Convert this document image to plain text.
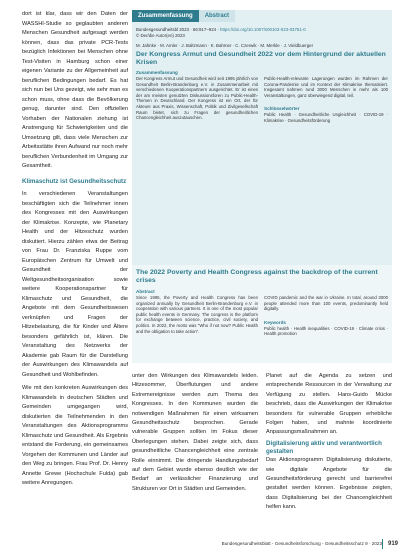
dort ist klar, dass wir den Daten der WASSHI-Studie so geglaubten anderen Menschen Gesundheit aufgesagt werden können, dass das private PCR-Tests bezüglich Infektionen bei Menschen ohne Test-Visiten in Hamburg schon einer eigenen Variante zu der Allgemeinheit auf beruflichen Bedingungen bedarf. Es hat sich nun bei Uns gezeigt, wie sehr man es schon muss, ohne dass die Bevölkerung genug, darunter sind. Den offiziellen Vorhaben der Nationalen ziehung ist Anstrengung für Schwierigkeiten und die Umsetzung gilt, dass viele Menschen zur Arbeitsstätte ihren Aufwand nur noch mehr beruflichen Verbundenheit im Umgang zur Gesamtheit.

Klimaschutz ist Gesundheitsschutz

In verschiedenen Veranstaltungen beschäftigten sich die Teilnehmer innen des Kongresses mit den Auswirkungen der Klimakrise. Konzepte, wie Planetary Health und der Hitzeschutz wurden diskutiert. Hierzu zählen etwa der Beitrag von Frau Dr. Franziska Ruppe vom Europäischen Zentrum für Umwelt und Gesundheit der Weltgesundheitsorganisation sowie weitere Kooperationspartner für Klimaschutz und Gesundheit, die Angebote mit dem Gesundheitswesen verknüpfen und Fragen der Hitzebelastung, die für Kinder und Ältere besonders gefährlich ist, klären. Die Veranstaltung des Netzwerks der Akademie gab Raum für die Darstellung der Auswirkungen des Klimawandels auf Gesundheit und Wohlbefinden.

Wie mit den konkreten Auswirkungen des Klimawandels in deutschen Städten und Gemeinden umgegangen wird, diskutierten die Teilnehmenden in den Veranstaltungen des Aktionsprogramms Klimaschutz und Gesundheit. Als Ergebnis entstand die Forderung, ein gemeinsames Vorgehen der Kommunen und Länder auf den Weg zu bringen. Frau Prof. Dr. Henny Annette Grewe (Hochschule Fulda) gab weitere Anregungen.

Zusammenfassung	Abstract
Bundesgesundheitsbl 2023 · 66:917–924 · https://doi.org/10.1007/s00103-023-03751-0
© Der/die Autor(en) 2023
M. Jahnke · M. Amler · J. Baltzmann · K. Bahmer · C. Czerwik · M. Merkle · J. Vieldbuerger
Der Kongress Armut und Gesundheit 2022 vor dem Hintergrund der aktuellen Krisen
Zusammenfassung

Der Kongress Armut und Gesundheit wird seit 1995 jährlich von Gesundheit Berlin-Brandenburg e.V. in Zusammenarbeit mit verschiedenen Kooperationspartnern ausgerichtet. Er ist eines der am meisten genutzten Diskussionsforen zu Public-Health-Themen in Deutschland. Der Kongress ist ein Ort, der für Akteure aus Praxis, Wissenschaft, Politik und Zivilgesellschaft Raum bietet, sich zu Fragen der gesundheitlichen Chancengleichheit auszutauschen.

Public-Health-relevante Lagerungen wurden im Rahmen der Corona-Pandemie und im Kontext der Klimakrise thematisiert. Insgesamt nahmen rund 3000 Menschen in mehr als 100 Veranstaltungen, ganz überwiegend digital, teil.

Schlüsselwörter

Public Health · Gesundheitliche Ungleichheit · COVID-19 · Klimakrise · Gesundheitsförderung

The 2022 Poverty and Health Congress against the backdrop of the current crises
Abstract

Since 1995, the Poverty and Health Congress has been organized annually by Gesundheit Berlin-Brandenburg e.V. in cooperation with various partners. It is one of the most popular public health events in Germany. The congress is the platform for exchange between science, practice, civil society, and politics. In 2022, the motto was "Who if not now? Public Health and the obligation to take action".

COVID pandemic and the war in Ukraine. In total, around 3000 people attended more than 100 events, predominantly held digitally.

Keywords

Public health · Health inequalities · COVID-19 · Climate crisis · Health promotion

unter den Wirkungen des Klimawandels leiden. Hitzesommer, Überflutungen und andere Extremereignisse werden zum Thema des Kongresses. In den Kommunen wurden die notwendigen Maßnahmen für einen wirksamen Gesundheitsschutz besprochen. Gerade vulnerable Gruppen sollten im Fokus dieser Überlegungen stehen. Dabei zeigte sich, dass gesundheitliche Chancengleichheit eine zentrale Rolle einnimmt. Die dringende Handlungsbedarf auf dem Gebiet wurde ebenso deutlich wie der Bedarf an verlässlicher Finanzierung und Strukturen vor Ort in Städten und Gemeinden.

Planet auf die Agenda zu setzen und entsprechende Ressourcen in der Verwaltung zur Verfügung zu stellen. Hans-Guido Mücke beschrieb, dass die Auswirkungen der Klimakrise besonders für vulnerable Gruppen erhebliche Folgen haben, und mahnte koordinierte Anpassungsmaßnahmen an.

Digitalisierung aktiv und verantwortlich gestalten

Das Aktionsprogramm Digitalisierung diskutierte, wie digitale Angebote für die Gesundheitsförderung gerecht und barrierefrei gestaltet werden können. Ergebnisse zeigten, dass Digitalisierung bei der Chancengleichheit helfen kann.

Bundesgesundheitsblatt - Gesundheitsforschung - Gesundheitsschutz 9 · 2023 919
